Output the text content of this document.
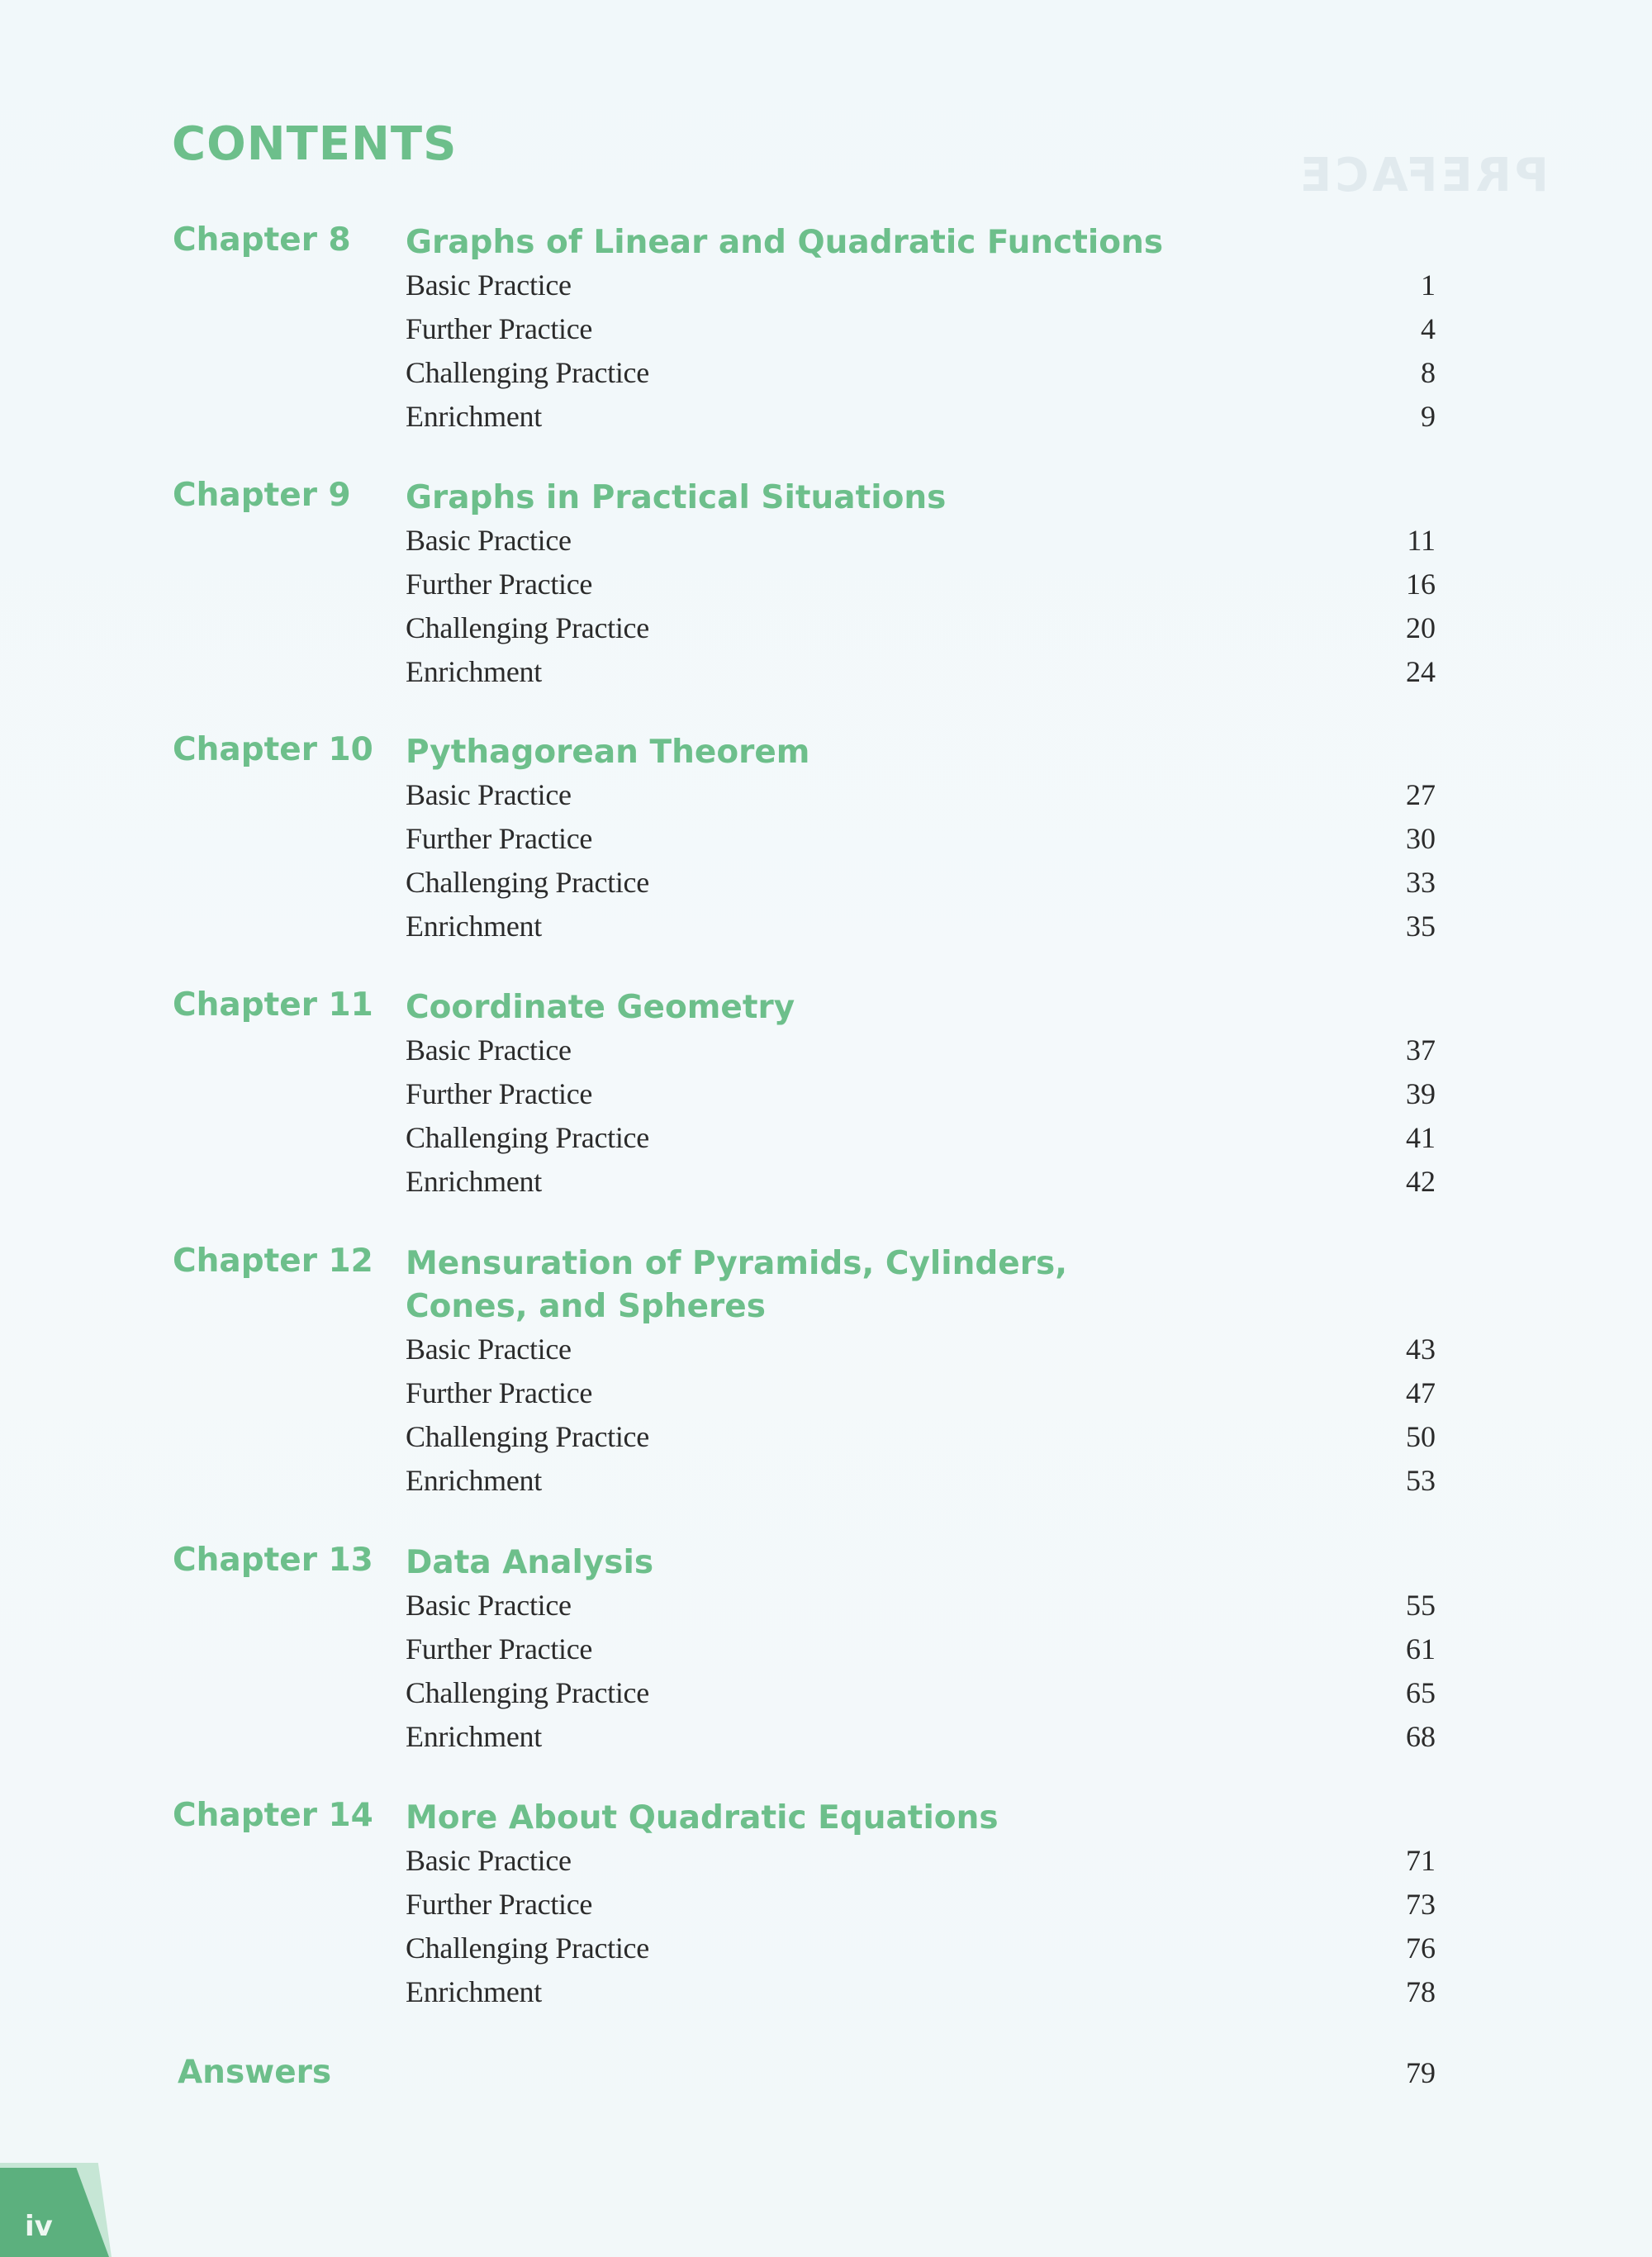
PREFACE
CONTENTS
Chapter 8 Graphs of Linear and Quadratic Functions
Basic Practice	1
Further Practice	4
Challenging Practice	8
Enrichment	9
Chapter 9 Graphs in Practical Situations
Basic Practice	11
Further Practice	16
Challenging Practice	20
Enrichment	24
Chapter 10 Pythagorean Theorem
Basic Practice	27
Further Practice	30
Challenging Practice	33
Enrichment	35
Chapter 11 Coordinate Geometry
Basic Practice	37
Further Practice	39
Challenging Practice	41
Enrichment	42
Chapter 12 Mensuration of Pyramids, Cylinders, Cones, and Spheres
Basic Practice	43
Further Practice	47
Challenging Practice	50
Enrichment	53
Chapter 13 Data Analysis
Basic Practice	55
Further Practice	61
Challenging Practice	65
Enrichment	68
Chapter 14 More About Quadratic Equations
Basic Practice	71
Further Practice	73
Challenging Practice	76
Enrichment	78
Answers	79
iv
